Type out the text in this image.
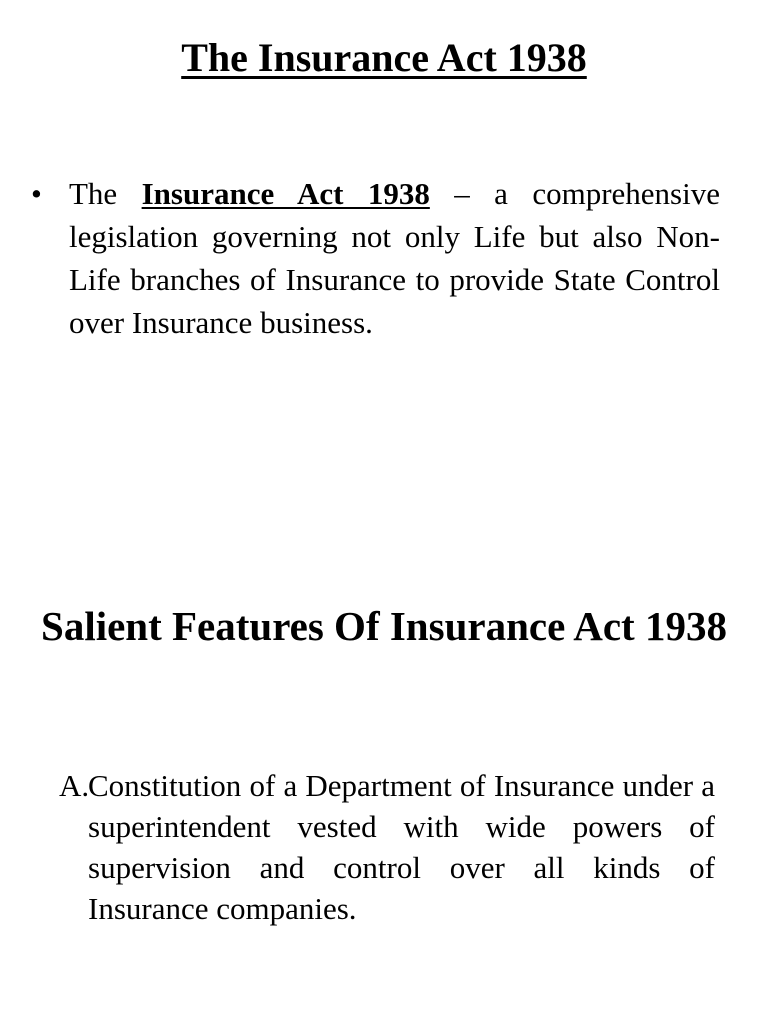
The Insurance Act 1938

• The Insurance Act 1938 – a comprehensive legislation governing not only Life but also Non-Life branches of Insurance to provide State Control over Insurance business.

Salient Features Of Insurance Act 1938

A.
Constitution of a Department of Insurance under a superintendent vested with wide powers of supervision and control over all kinds of Insurance companies.
